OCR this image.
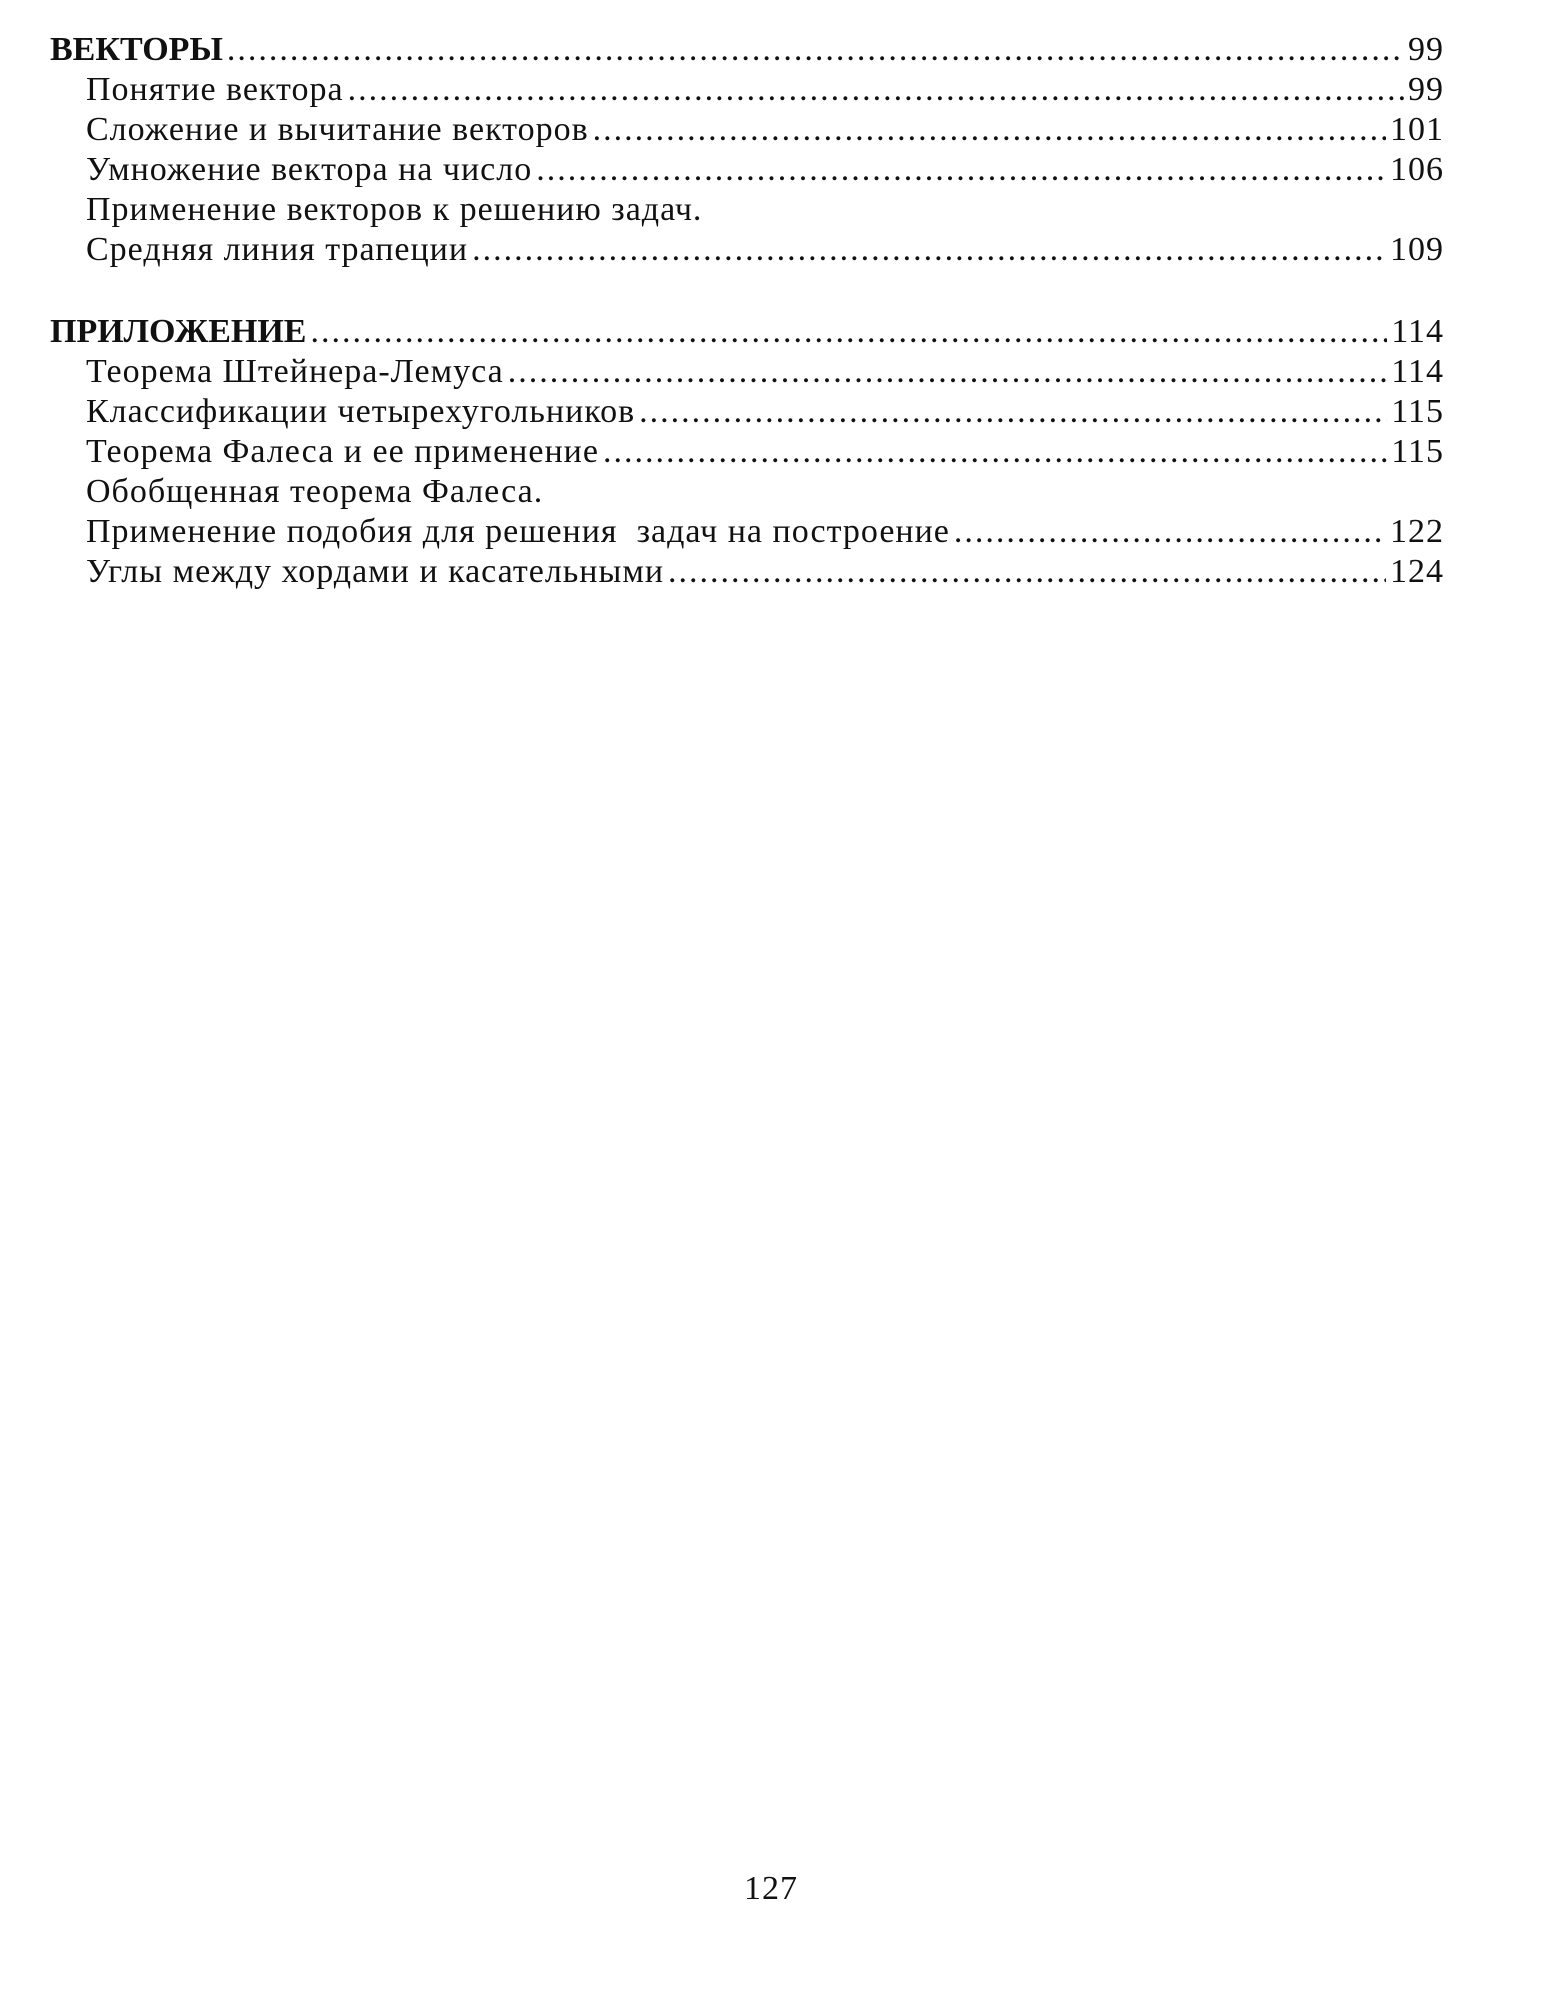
ВЕКТОРЫ .....	99
Понятие вектора .....	99
Сложение и вычитание векторов .....	101
Умножение вектора на число .....	106
Применение векторов к решению задач.
Средняя линия трапеции .....	109
ПРИЛОЖЕНИЕ .....	114
Теорема Штейнера-Лемуса .....	114
Классификации четырехугольников .....	115
Теорема Фалеса и ее применение .....	115
Обобщенная теорема Фалеса.
Применение подобия для решения  задач на построение .....	122
Углы между хордами и касательными .....	124
127
